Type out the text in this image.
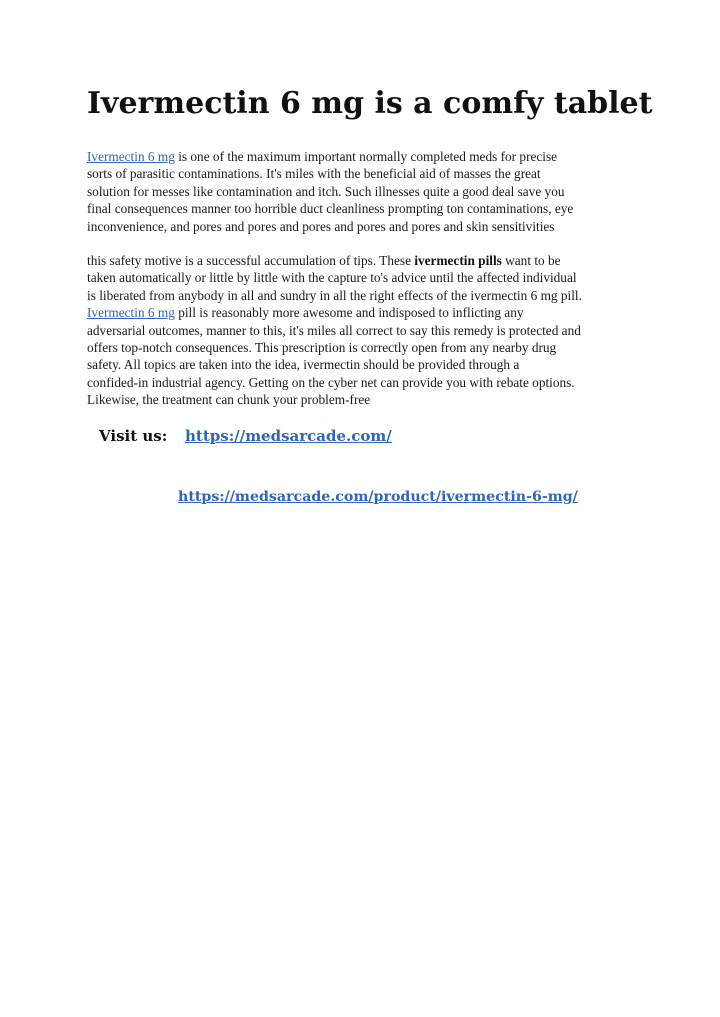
Ivermectin 6 mg is a comfy tablet
Ivermectin 6 mg is one of the maximum important normally completed meds for precise
sorts of parasitic contaminations. It's miles with the beneficial aid of masses the great
solution for messes like contamination and itch. Such illnesses quite a good deal save you
final consequences manner too horrible duct cleanliness prompting ton contaminations, eye
inconvenience, and pores and pores and pores and pores and pores and skin sensitivities
this safety motive is a successful accumulation of tips. These ivermectin pills want to be
taken automatically or little by little with the capture to's advice until the affected individual
is liberated from anybody in all and sundry in all the right effects of the ivermectin 6 mg pill.
Ivermectin 6 mg pill is reasonably more awesome and indisposed to inflicting any
adversarial outcomes, manner to this, it's miles all correct to say this remedy is protected and
offers top-notch consequences. This prescription is correctly open from any nearby drug
safety. All topics are taken into the idea, ivermectin should be provided through a
confided-in industrial agency. Getting on the cyber net can provide you with rebate options.
Likewise, the treatment can chunk your problem-free
Visit us: https://medsarcade.com/
https://medsarcade.com/product/ivermectin-6-mg/
